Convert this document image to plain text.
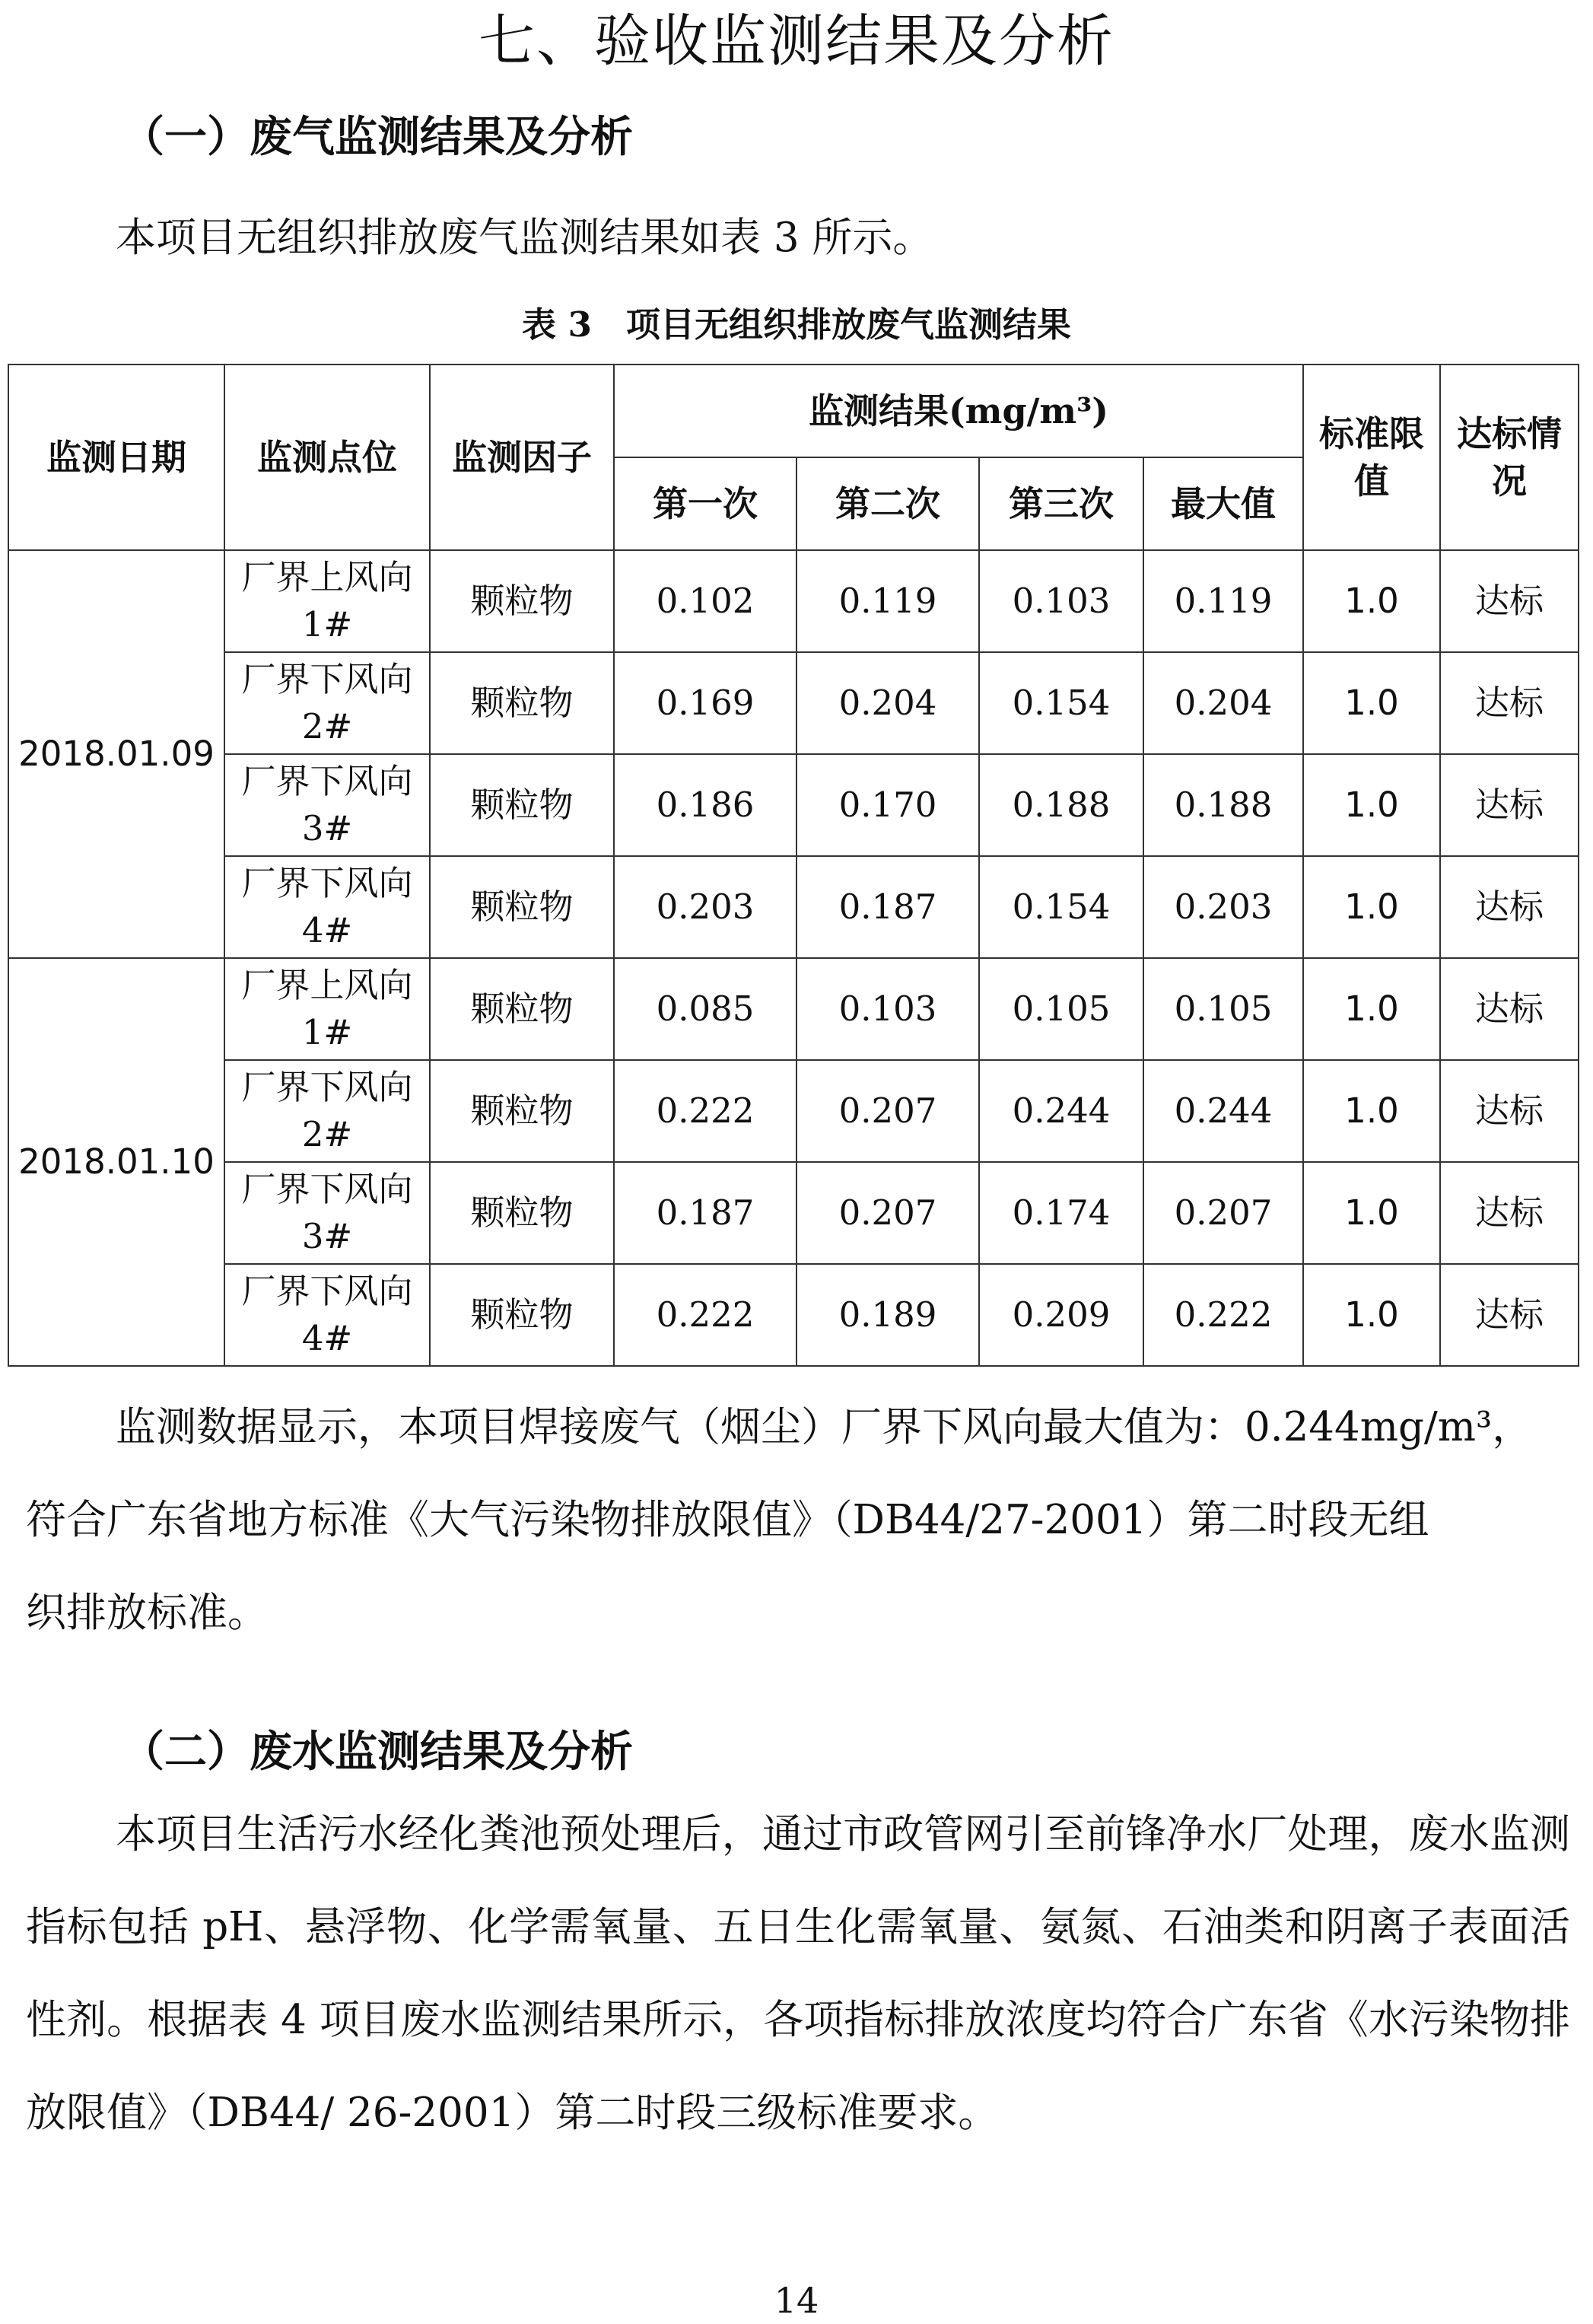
七、验收监测结果及分析
（一）废气监测结果及分析
本项目无组织排放废气监测结果如表 3 所示。
表 3　项目无组织排放废气监测结果
监测日期	监测点位	监测因子	监测结果(mg/m³)				标准限值	达标情况
			第一次	第二次	第三次	最大值		
2018.01.09	厂界上风向 1#	颗粒物	0.102	0.119	0.103	0.119	1.0	达标
	厂界下风向 2#	颗粒物	0.169	0.204	0.154	0.204	1.0	达标
	厂界下风向 3#	颗粒物	0.186	0.170	0.188	0.188	1.0	达标
	厂界下风向 4#	颗粒物	0.203	0.187	0.154	0.203	1.0	达标
2018.01.10	厂界上风向 1#	颗粒物	0.085	0.103	0.105	0.105	1.0	达标
	厂界下风向 2#	颗粒物	0.222	0.207	0.244	0.244	1.0	达标
	厂界下风向 3#	颗粒物	0.187	0.207	0.174	0.207	1.0	达标
	厂界下风向 4#	颗粒物	0.222	0.189	0.209	0.222	1.0	达标
监测数据显示，本项目焊接废气（烟尘）厂界下风向最大值为：0.244mg/m³，
符合广东省地方标准《大气污染物排放限值》（DB44/27-2001）第二时段无组
织排放标准。
（二）废水监测结果及分析
本项目生活污水经化粪池预处理后，通过市政管网引至前锋净水厂处理，废水监测指标包括 pH、悬浮物、化学需氧量、五日生化需氧量、氨氮、石油类和阴离子表面活性剂。根据表 4 项目废水监测结果所示，各项指标排放浓度均符合广东省《水污染物排放限值》（DB44/ 26-2001）第二时段三级标准要求。
14
